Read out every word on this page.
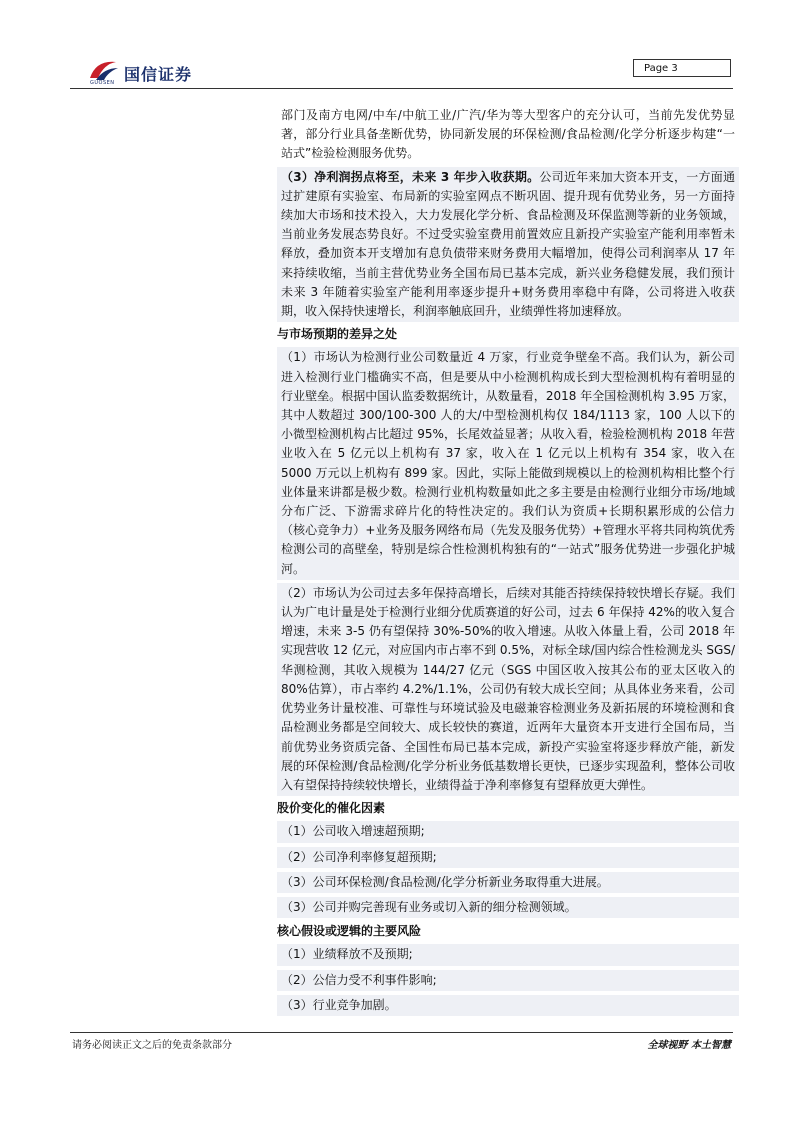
国信证券
GUOSEN
Page 3

部门及南方电网/中车/中航工业/广汽/华为等大型客户的充分认可，当前先发优势显著，部分行业具备垄断优势，协同新发展的环保检测/食品检测/化学分析逐步构建“一站式”检验检测服务优势。

（3）净利润拐点将至，未来 3 年步入收获期。公司近年来加大资本开支，一方面通过扩建原有实验室、布局新的实验室网点不断巩固、提升现有优势业务，另一方面持续加大市场和技术投入，大力发展化学分析、食品检测及环保监测等新的业务领域，当前业务发展态势良好。不过受实验室费用前置效应且新投产实验室产能利用率暂未释放，叠加资本开支增加有息负债带来财务费用大幅增加，使得公司利润率从 17 年来持续收缩，当前主营优势业务全国布局已基本完成，新兴业务稳健发展，我们预计未来 3 年随着实验室产能利用率逐步提升+财务费用率稳中有降，公司将进入收获期，收入保持快速增长，利润率触底回升，业绩弹性将加速释放。

与市场预期的差异之处

（1）市场认为检测行业公司数量近 4 万家，行业竞争壁垒不高。我们认为，新公司进入检测行业门槛确实不高，但是要从中小检测机构成长到大型检测机构有着明显的行业壁垒。根据中国认监委数据统计，从数量看，2018 年全国检测机构 3.95 万家，其中人数超过 300/100-300 人的大/中型检测机构仅 184/1113 家，100 人以下的小微型检测机构占比超过 95%，长尾效益显著；从收入看，检验检测机构 2018 年营业收入在 5 亿元以上机构有 37 家，收入在 1 亿元以上机构有 354 家，收入在 5000 万元以上机构有 899 家。因此，实际上能做到规模以上的检测机构相比整个行业体量来讲都是极少数。检测行业机构数量如此之多主要是由检测行业细分市场/地域分布广泛、下游需求碎片化的特性决定的。我们认为资质+长期积累形成的公信力（核心竞争力）+业务及服务网络布局（先发及服务优势）+管理水平将共同构筑优秀检测公司的高壁垒，特别是综合性检测机构独有的“一站式”服务优势进一步强化护城河。

（2）市场认为公司过去多年保持高增长，后续对其能否持续保持较快增长存疑。我们认为广电计量是处于检测行业细分优质赛道的好公司，过去 6 年保持 42%的收入复合增速，未来 3-5 仍有望保持 30%-50%的收入增速。从收入体量上看，公司 2018 年实现营收 12 亿元，对应国内市占率不到 0.5%，对标全球/国内综合性检测龙头 SGS/华测检测，其收入规模为 144/27 亿元（SGS 中国区收入按其公布的亚太区收入的 80%估算），市占率约 4.2%/1.1%，公司仍有较大成长空间；从具体业务来看，公司优势业务计量校准、可靠性与环境试验及电磁兼容检测业务及新拓展的环境检测和食品检测业务都是空间较大、成长较快的赛道，近两年大量资本开支进行全国布局，当前优势业务资质完备、全国性布局已基本完成，新投产实验室将逐步释放产能，新发展的环保检测/食品检测/化学分析业务低基数增长更快，已逐步实现盈利，整体公司收入有望保持持续较快增长，业绩得益于净利率修复有望释放更大弹性。

股价变化的催化因素
（1）公司收入增速超预期;
（2）公司净利率修复超预期;
（3）公司环保检测/食品检测/化学分析新业务取得重大进展。
（3）公司并购完善现有业务或切入新的细分检测领域。
核心假设或逻辑的主要风险
（1）业绩释放不及预期;
（2）公信力受不利事件影响;
（3）行业竞争加剧。
请务必阅读正文之后的免责条款部分	全球视野 本土智慧
